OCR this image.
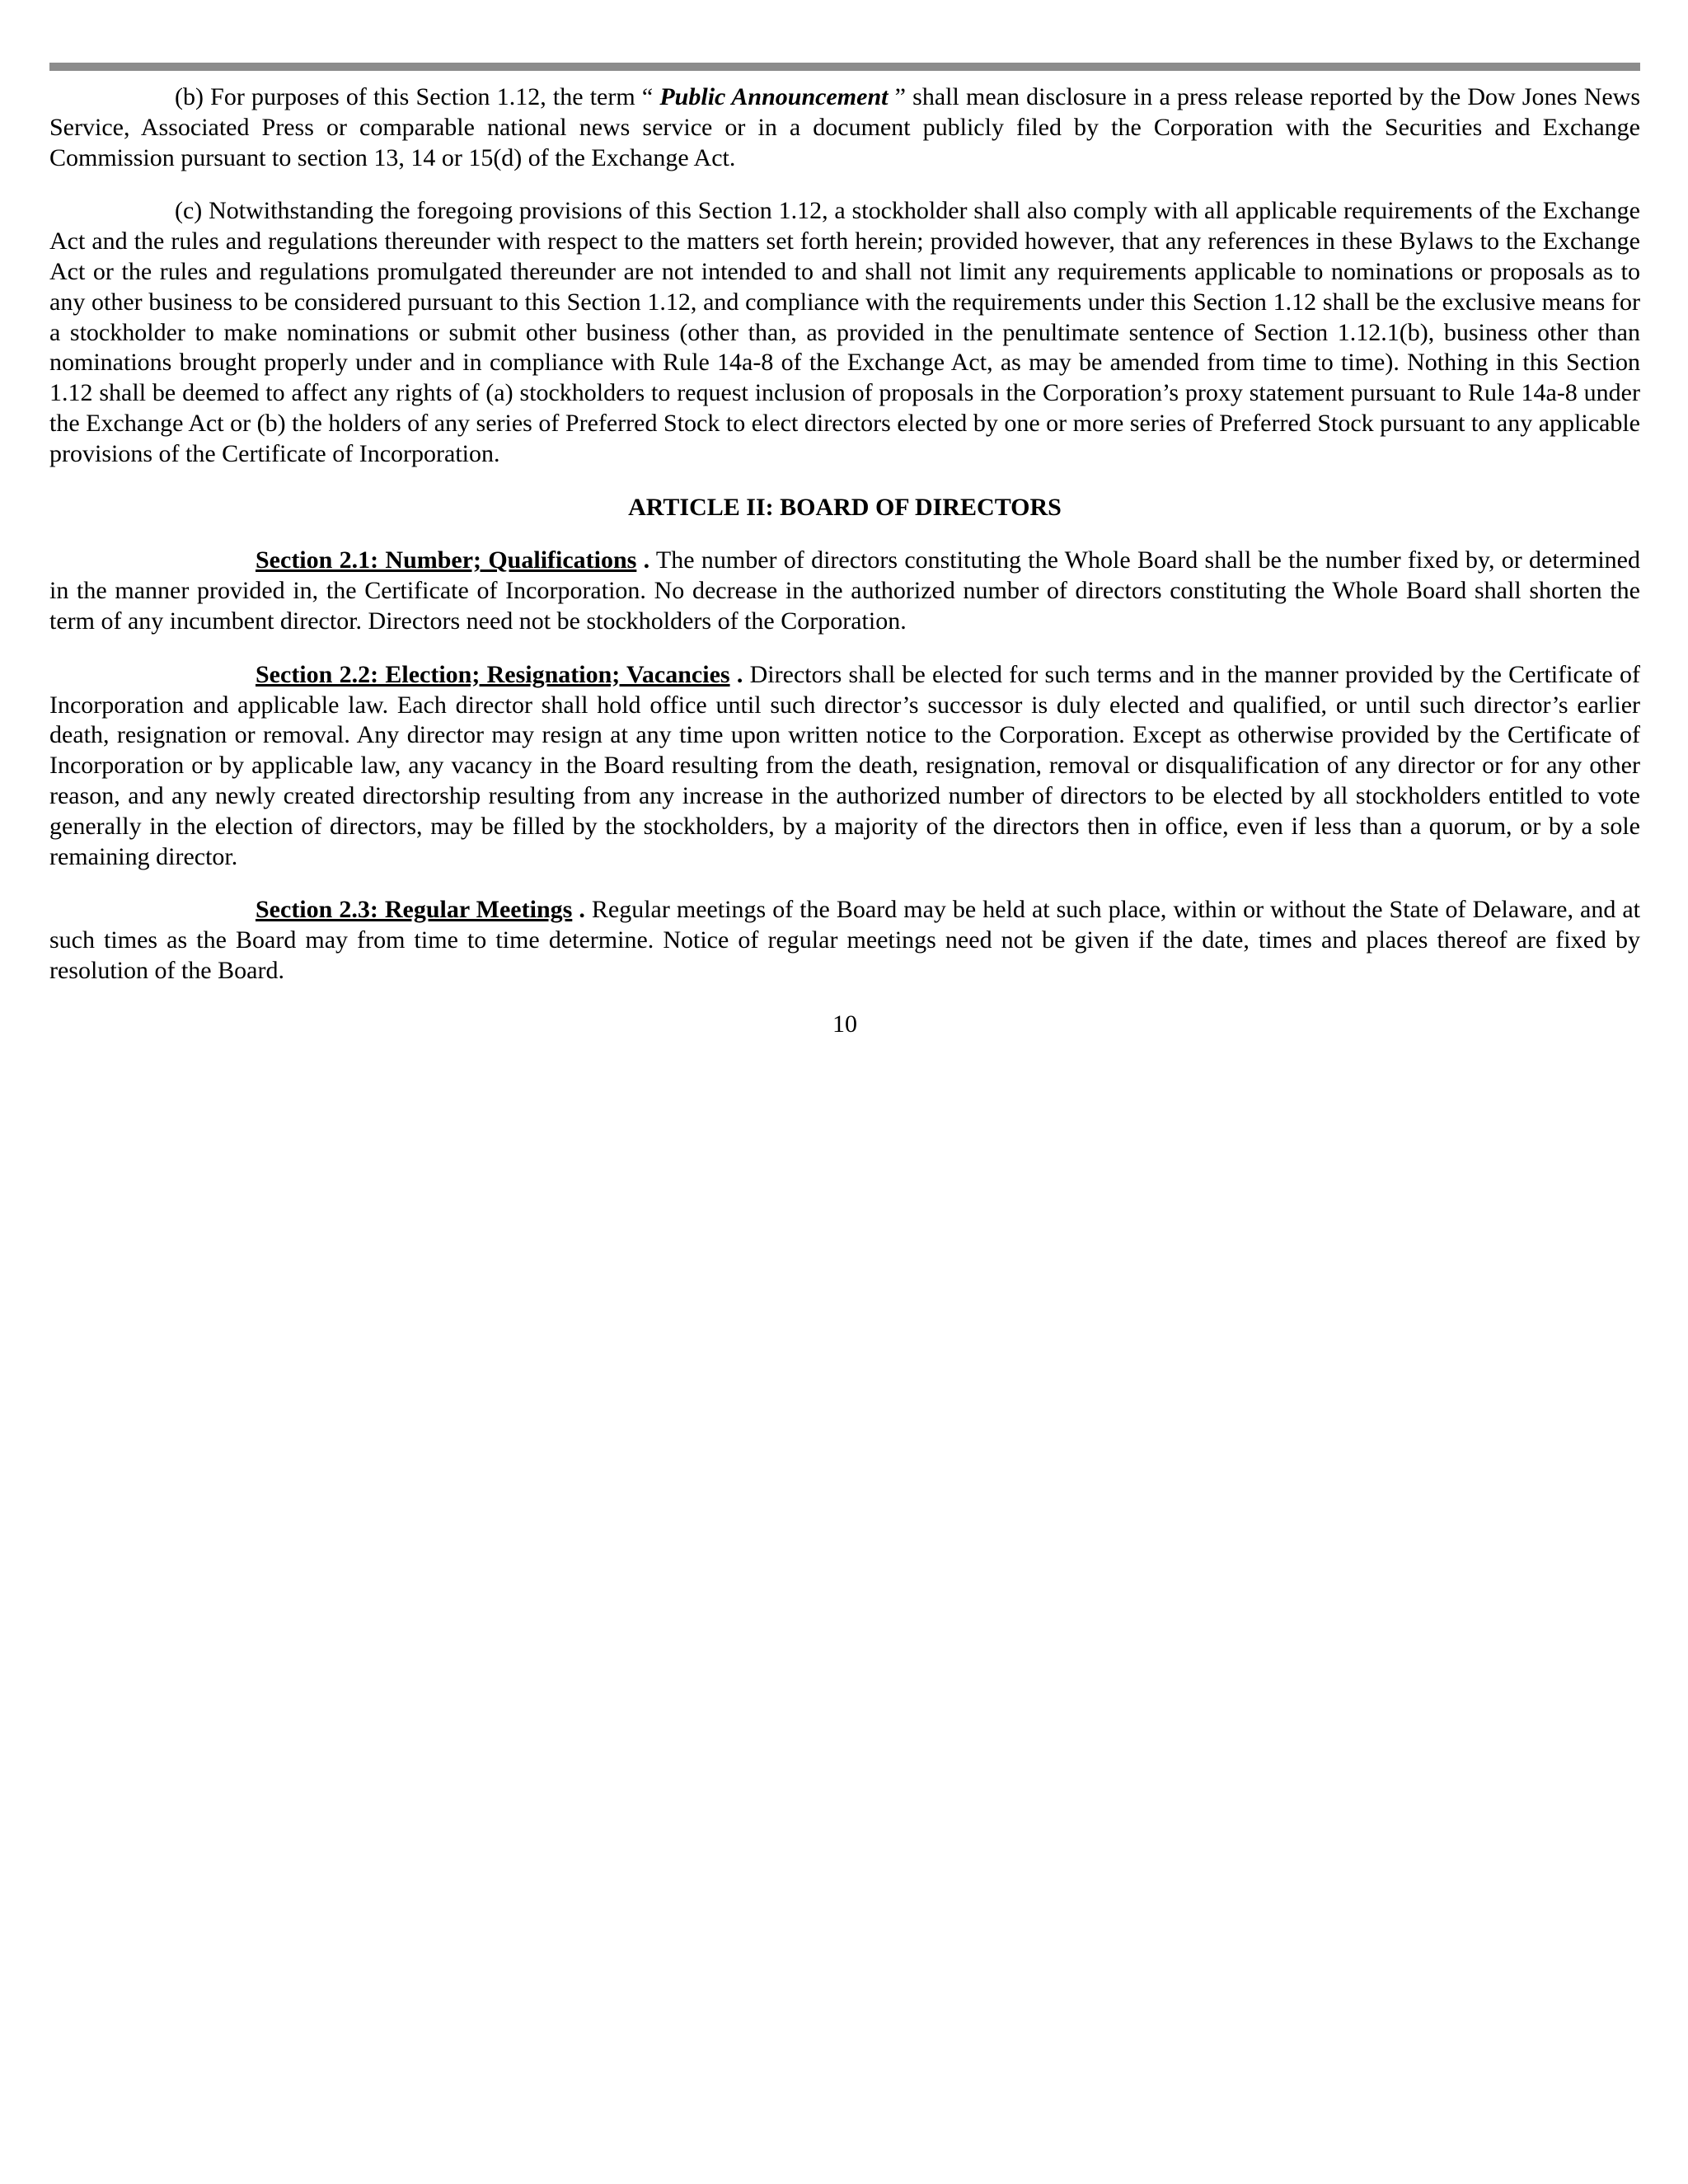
(b) For purposes of this Section 1.12, the term “ Public Announcement ” shall mean disclosure in a press release reported by the Dow Jones News Service, Associated Press or comparable national news service or in a document publicly filed by the Corporation with the Securities and Exchange Commission pursuant to section 13, 14 or 15(d) of the Exchange Act.

(c) Notwithstanding the foregoing provisions of this Section 1.12, a stockholder shall also comply with all applicable requirements of the Exchange Act and the rules and regulations thereunder with respect to the matters set forth herein; provided however, that any references in these Bylaws to the Exchange Act or the rules and regulations promulgated thereunder are not intended to and shall not limit any requirements applicable to nominations or proposals as to any other business to be considered pursuant to this Section 1.12, and compliance with the requirements under this Section 1.12 shall be the exclusive means for a stockholder to make nominations or submit other business (other than, as provided in the penultimate sentence of Section 1.12.1(b), business other than nominations brought properly under and in compliance with Rule 14a-8 of the Exchange Act, as may be amended from time to time). Nothing in this Section 1.12 shall be deemed to affect any rights of (a) stockholders to request inclusion of proposals in the Corporation’s proxy statement pursuant to Rule 14a-8 under the Exchange Act or (b) the holders of any series of Preferred Stock to elect directors elected by one or more series of Preferred Stock pursuant to any applicable provisions of the Certificate of Incorporation.

ARTICLE II: BOARD OF DIRECTORS

Section 2.1: Number; Qualifications . The number of directors constituting the Whole Board shall be the number fixed by, or determined in the manner provided in, the Certificate of Incorporation. No decrease in the authorized number of directors constituting the Whole Board shall shorten the term of any incumbent director. Directors need not be stockholders of the Corporation.

Section 2.2: Election; Resignation; Vacancies . Directors shall be elected for such terms and in the manner provided by the Certificate of Incorporation and applicable law. Each director shall hold office until such director’s successor is duly elected and qualified, or until such director’s earlier death, resignation or removal. Any director may resign at any time upon written notice to the Corporation. Except as otherwise provided by the Certificate of Incorporation or by applicable law, any vacancy in the Board resulting from the death, resignation, removal or disqualification of any director or for any other reason, and any newly created directorship resulting from any increase in the authorized number of directors to be elected by all stockholders entitled to vote generally in the election of directors, may be filled by the stockholders, by a majority of the directors then in office, even if less than a quorum, or by a sole remaining director.

Section 2.3: Regular Meetings . Regular meetings of the Board may be held at such place, within or without the State of Delaware, and at such times as the Board may from time to time determine. Notice of regular meetings need not be given if the date, times and places thereof are fixed by resolution of the Board.

10
